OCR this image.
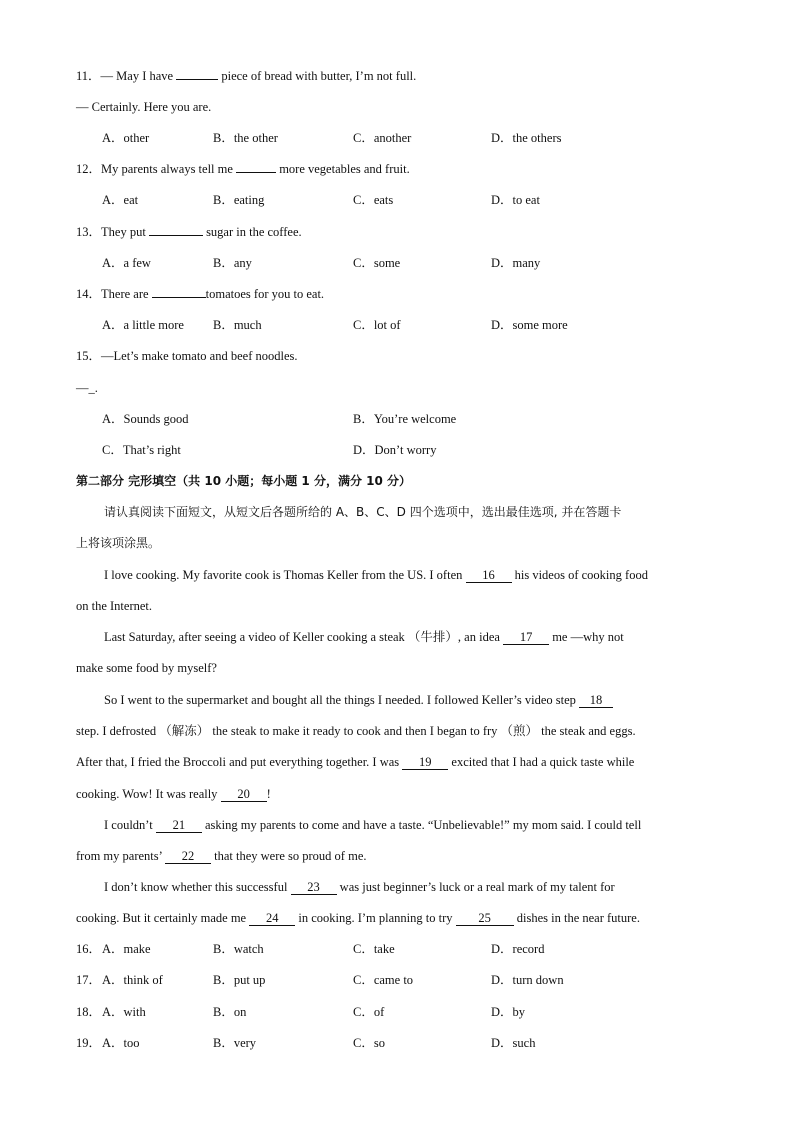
11．— May I have	piece of bread with butter, I’m not full.
— Certainly. Here you are.
A．other	B．the other	C．another	D．the others
12．My parents always tell me	more vegetables and fruit.
A．eat	B．eating	C．eats	D．to eat
13．They put	sugar in the coffee.
A．a few	B．any	C．some	D．many
14．There are	tomatoes for you to eat.
A．a little more B．much	C．lot of	D．some more
15．—Let’s make tomato and beef noodles.
—_.
A．Sounds good	B．You’re welcome
C．That’s right	D．Don’t worry
第二部分 完形填空（共 10 小题；每小题 1 分，满分 10 分）
请认真阅读下面短文，从短文后各题所给的 A、B、C、D 四个选项中，选出最佳选项, 并在答题卡
上将该项涂黑。
I love cooking. My favorite cook is Thomas Keller from the US. I often 16 his videos of cooking food
on the Internet.
Last Saturday, after seeing a video of Keller cooking a steak （牛排）, an idea 17 me —why not
make some food by myself?
So I went to the supermarket and bought all the things I needed. I followed Keller’s video step 18
step. I defrosted （解冻） the steak to make it ready to cook and then I began to fry （煎） the steak and eggs.
After that, I fried the Broccoli and put everything together. I was 19 excited that I had a quick taste while
cooking. Wow! It was really 20 !
I couldn’t 21 asking my parents to come and have a taste. “Unbelievable!” my mom said. I could tell
from my parents’ 22 that they were so proud of me.
I don’t know whether this successful 23 was just beginner’s luck or a real mark of my talent for
cooking. But it certainly made me 24 in cooking. I’m planning to try 25 dishes in the near future.
16． A．make	B．watch	C．take	D．record
17． A．think of	B．put up	C．came to	D．turn down
18． A．with	B．on	C．of	D．by
19． A．too	B．very	C．so	D．such
